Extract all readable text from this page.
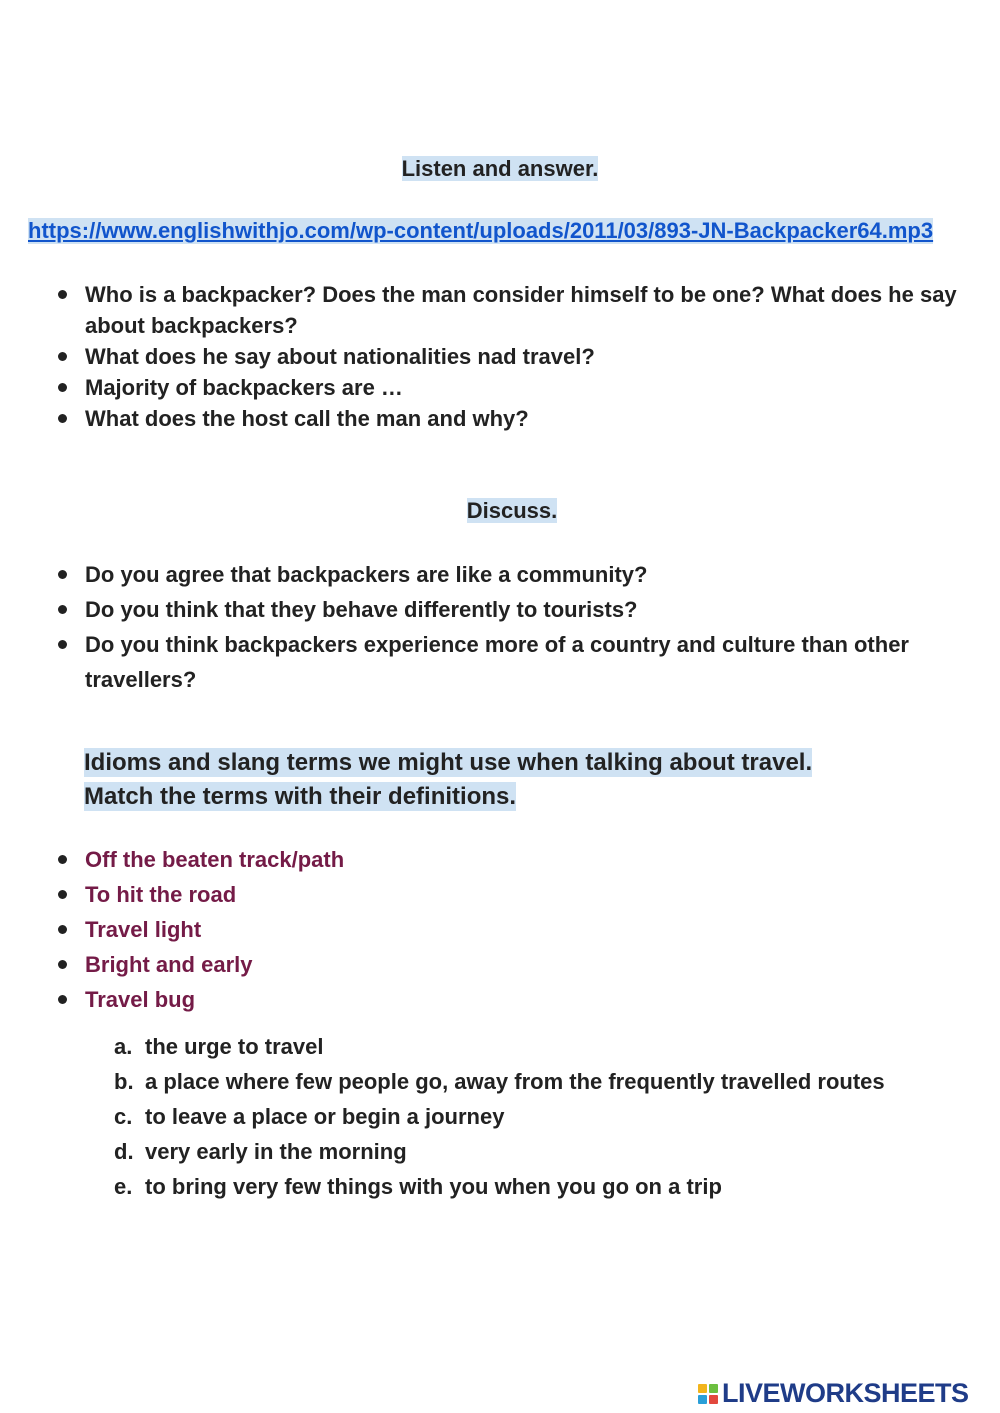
Listen and answer.
https://www.englishwithjo.com/wp-content/uploads/2011/03/893-JN-Backpacker64.mp3
Who is a backpacker? Does the man consider himself to be one? What does he say about backpackers?
What does he say about nationalities nad travel?
Majority of backpackers are …
What does the host call the man and why?
Discuss.
Do you agree that backpackers are like a community?
Do you think that they behave differently to tourists?
Do you think backpackers experience more of a country and culture than other travellers?
Idioms and slang terms we might use when talking about travel.
Match the terms with their definitions.
Off the beaten track/path
To hit the road
Travel light
Bright and early
Travel bug
a. the urge to travel
b. a place where few people go, away from the frequently travelled routes
c. to leave a place or begin a journey
d. very early in the morning
e. to bring very few things with you when you go on a trip
LIVEWORKSHEETS
